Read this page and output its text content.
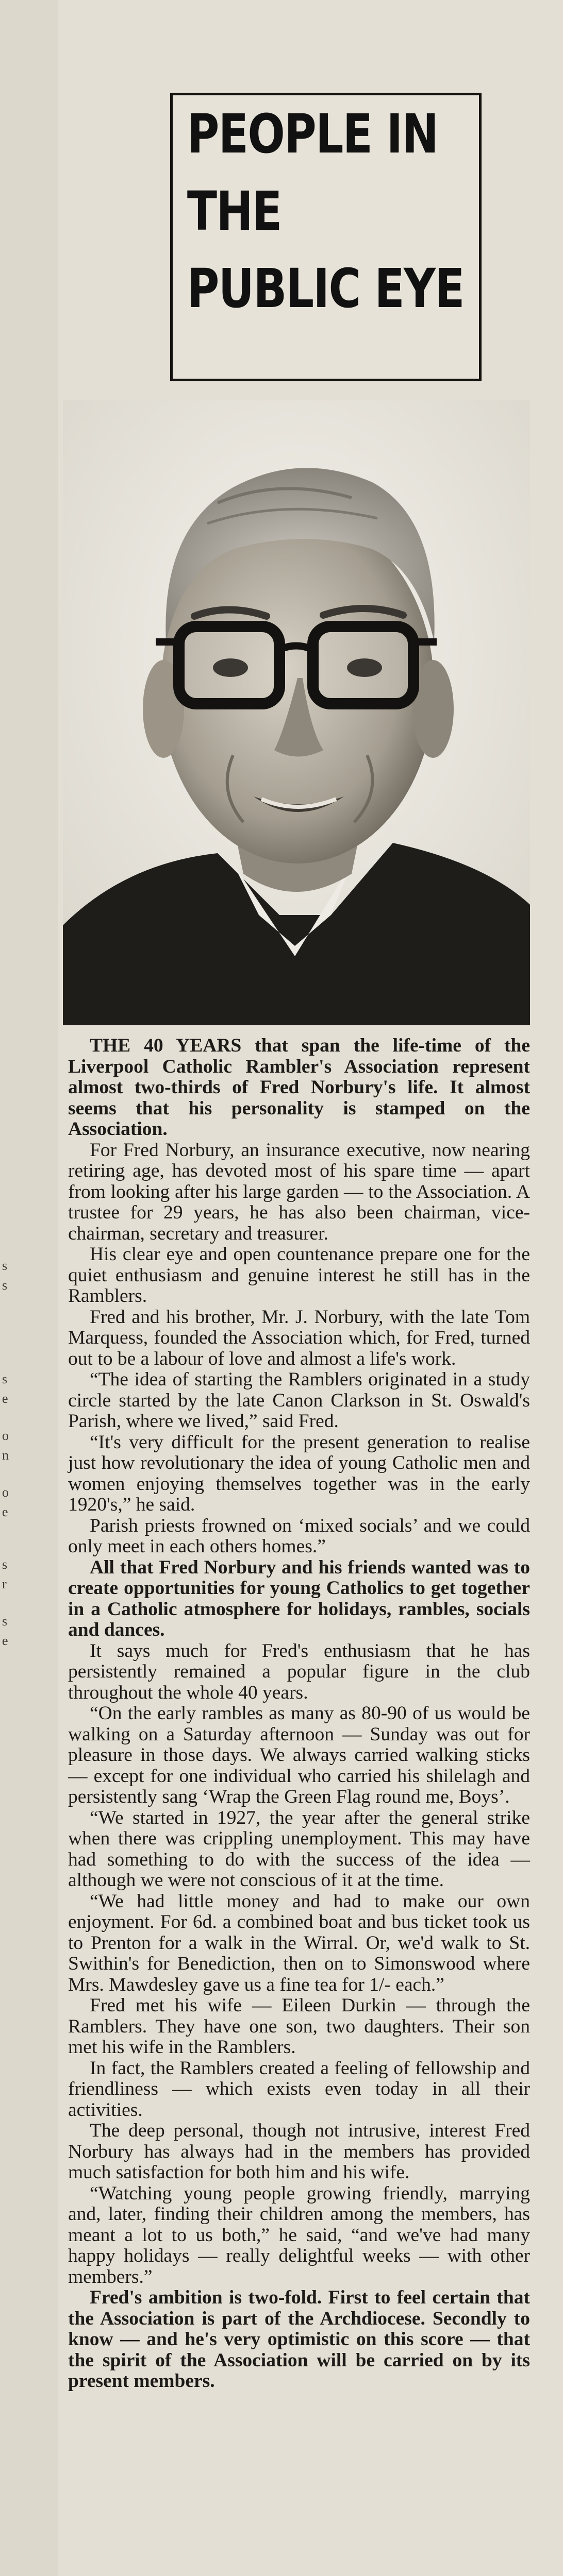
s
s
s
e
o
n
o
e
s
r
s
e
PEOPLE IN
THE
PUBLIC EYE

THE 40 YEARS that span the life-time of the Liverpool Catholic Rambler's Association represent almost two-thirds of Fred Norbury's life. It almost seems that his personality is stamped on the Association.

For Fred Norbury, an insurance executive, now nearing retiring age, has devoted most of his spare time — apart from looking after his large garden — to the Association. A trustee for 29 years, he has also been chairman, vice-chairman, secretary and treasurer.

His clear eye and open countenance prepare one for the quiet enthusiasm and genuine interest he still has in the Ramblers.

Fred and his brother, Mr. J. Norbury, with the late Tom Marquess, founded the Association which, for Fred, turned out to be a labour of love and almost a life's work.

“The idea of starting the Ramblers originated in a study circle started by the late Canon Clarkson in St. Oswald's Parish, where we lived,” said Fred.

“It's very difficult for the present generation to realise just how revolutionary the idea of young Catholic men and women enjoying themselves together was in the early 1920's,” he said.

Parish priests frowned on ‘mixed socials’ and we could only meet in each others homes.”

All that Fred Norbury and his friends wanted was to create opportunities for young Catholics to get together in a Catholic atmosphere for holidays, rambles, socials and dances.

It says much for Fred's enthusiasm that he has persistently remained a popular figure in the club throughout the whole 40 years.

“On the early rambles as many as 80-90 of us would be walking on a Saturday afternoon — Sunday was out for pleasure in those days. We always carried walking sticks — except for one individual who carried his shilelagh and persistently sang ‘Wrap the Green Flag round me, Boys’.

“We started in 1927, the year after the general strike when there was crippling unemployment. This may have had something to do with the success of the idea — although we were not conscious of it at the time.

“We had little money and had to make our own enjoyment. For 6d. a combined boat and bus ticket took us to Prenton for a walk in the Wirral. Or, we'd walk to St. Swithin's for Benediction, then on to Simonswood where Mrs. Mawdesley gave us a fine tea for 1/- each.”

Fred met his wife — Eileen Durkin — through the Ramblers. They have one son, two daughters. Their son met his wife in the Ramblers.

In fact, the Ramblers created a feeling of fellowship and friendliness — which exists even today in all their activities.

The deep personal, though not intrusive, interest Fred Norbury has always had in the members has provided much satisfaction for both him and his wife.

“Watching young people growing friendly, marrying and, later, finding their children among the members, has meant a lot to us both,” he said, “and we've had many happy holidays — really delightful weeks — with other members.”

Fred's ambition is two-fold. First to feel certain that the Association is part of the Archdiocese. Secondly to know — and he's very optimistic on this score — that the spirit of the Association will be carried on by its present members.
